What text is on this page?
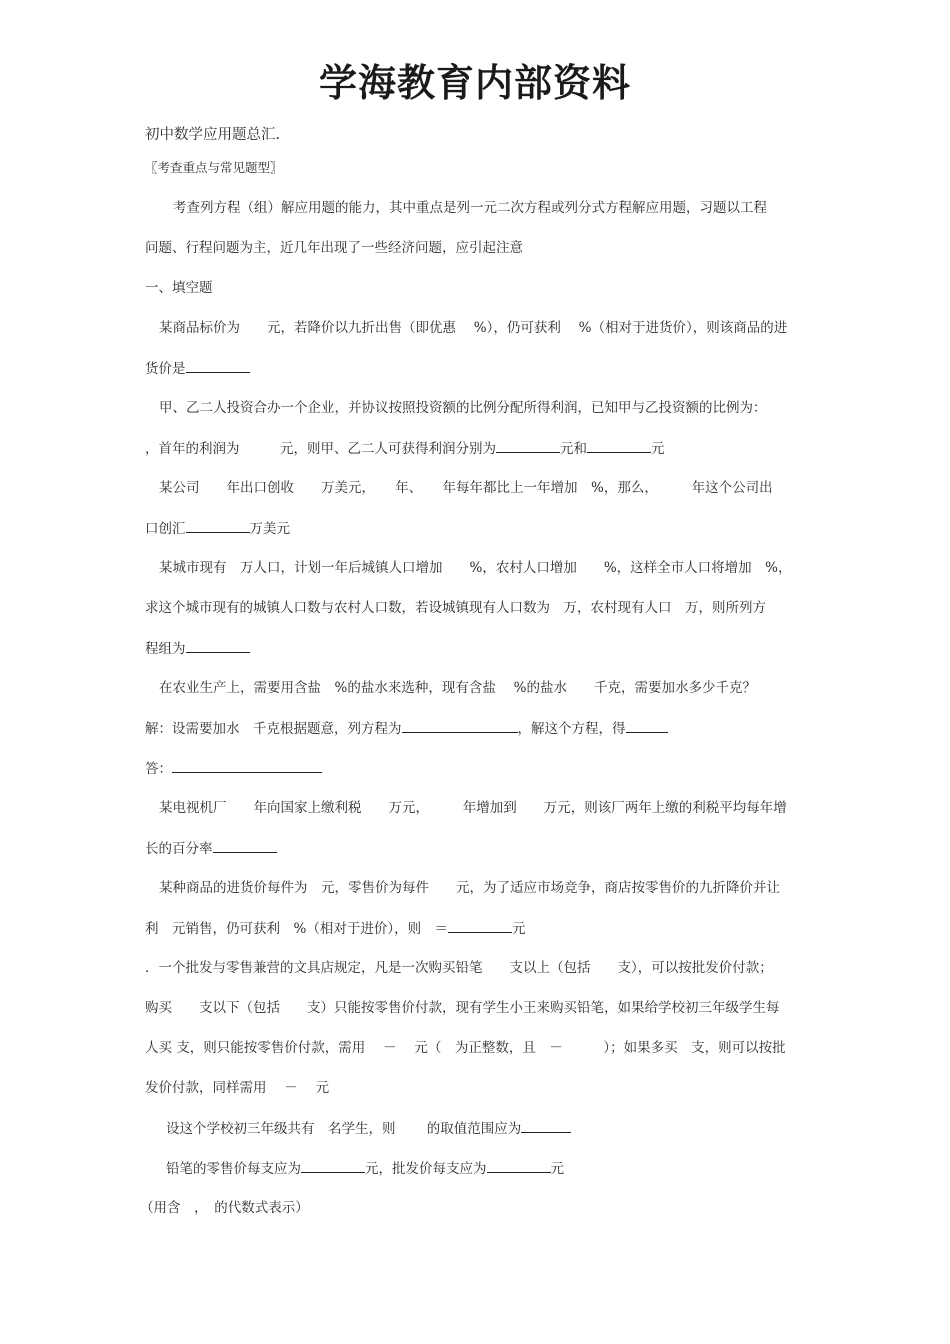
学海教育内部资料
初中数学应用题总汇.
〖考查重点与常见题型〗
考查列方程（组）解应用题的能力，其中重点是列一元二次方程或列分式方程解应用题，习题以工程
问题、行程问题为主，近几年出现了一些经济问题，应引起注意
一、填空题
某商品标价为　　元，若降价以九折出售（即优惠　 %），仍可获利　 %（相对于进货价），则该商品的进
货价是
甲、乙二人投资合办一个企业，并协议按照投资额的比例分配所得利润，已知甲与乙投资额的比例为：
，首年的利润为　　　元，则甲、乙二人可获得利润分别为	元和	元
某公司　　年出口创收　　万美元，　　年、　　年每年都比上一年增加　%，那么，　　　年这个公司出
口创汇	万美元
某城市现有　万人口，计划一年后城镇人口增加　　%，农村人口增加　　%，这样全市人口将增加　%，
求这个城市现有的城镇人口数与农村人口数，若设城镇现有人口数为　万，农村现有人口　万，则所列方
程组为
在农业生产上，需要用含盐　%的盐水来选种，现有含盐　 %的盐水　　千克，需要加水多少千克？
解：设需要加水　千克根据题意，列方程为	，解这个方程，得
答：
某电视机厂　　年向国家上缴利税　　万元，　　　年增加到　　万元，则该厂两年上缴的利税平均每年增
长的百分率
某种商品的进货价每件为　元，零售价为每件　　元，为了适应市场竞争，商店按零售价的九折降价并让
利　元销售，仍可获利　%（相对于进价），则　＝	元
．一个批发与零售兼营的文具店规定，凡是一次购买铅笔　　支以上（包括　　支），可以按批发价付款；
购买　　支以下（包括　　支）只能按零售价付款，现有学生小王来购买铅笔，如果给学校初三年级学生每
人买 支，则只能按零售价付款，需用　 －　 元（　为正整数，且　－　　　）；如果多买　支，则可以按批
发价付款，同样需用　 －　 元
设这个学校初三年级共有　名学生，则　　 的取值范围应为
铅笔的零售价每支应为	元，批发价每支应为	元
（用含　，　的代数式表示）
